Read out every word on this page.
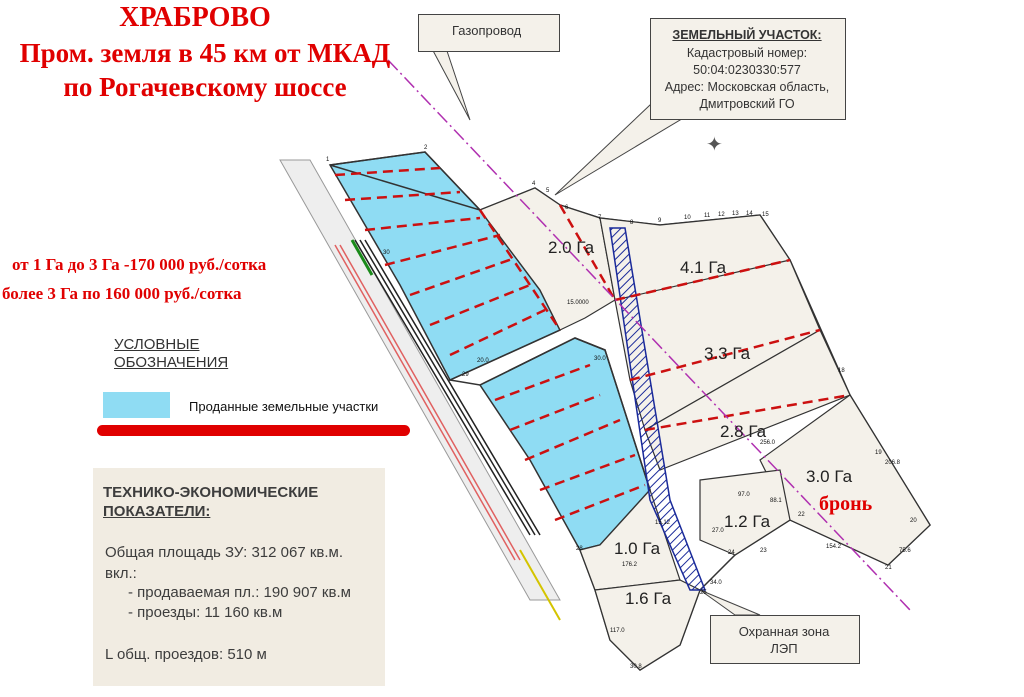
ХРАБРОВО

Пром. земля в 45 км от МКАД

по Рогачевскому шоссе

от 1 Га до 3 Га -170 000 руб./сотка

более 3 Га по 160 000 руб./сотка

УСЛОВНЫЕ
ОБОЗНАЧЕНИЯ

Проданные земельные участки

ТЕХНИКО-ЭКОНОМИЧЕСКИЕ
ПОКАЗАТЕЛИ:

Общая площадь ЗУ: 312 067 кв.м.

вкл.:

- продаваемая пл.: 190 907 кв.м

- проезды: 11 160 кв.м

L общ. проездов: 510 м

Газопровод	ЗЕМЕЛЬНЫЙ УЧАСТОК:

Кадастровый номер:

50:04:0230330:577

Адрес: Московская область,

Дмитровский ГО

✦

2.0 Га

4.1 Га

3.3 Га

2.8 Га

3.0 Га

1.2 Га

1.0 Га

1.6 Га

бронь

1
2
4
5
6
7
8	9	10 11 12 13 14 15
18
19
20
21
22
23
24
25
28
29
30
15.0000
20.0	30.0
97.0
88.1
154.2
75.6
206.8
256.0
176.2
34.0
117.0
30.8
15.12
27.0

Охранная зона

ЛЭП
